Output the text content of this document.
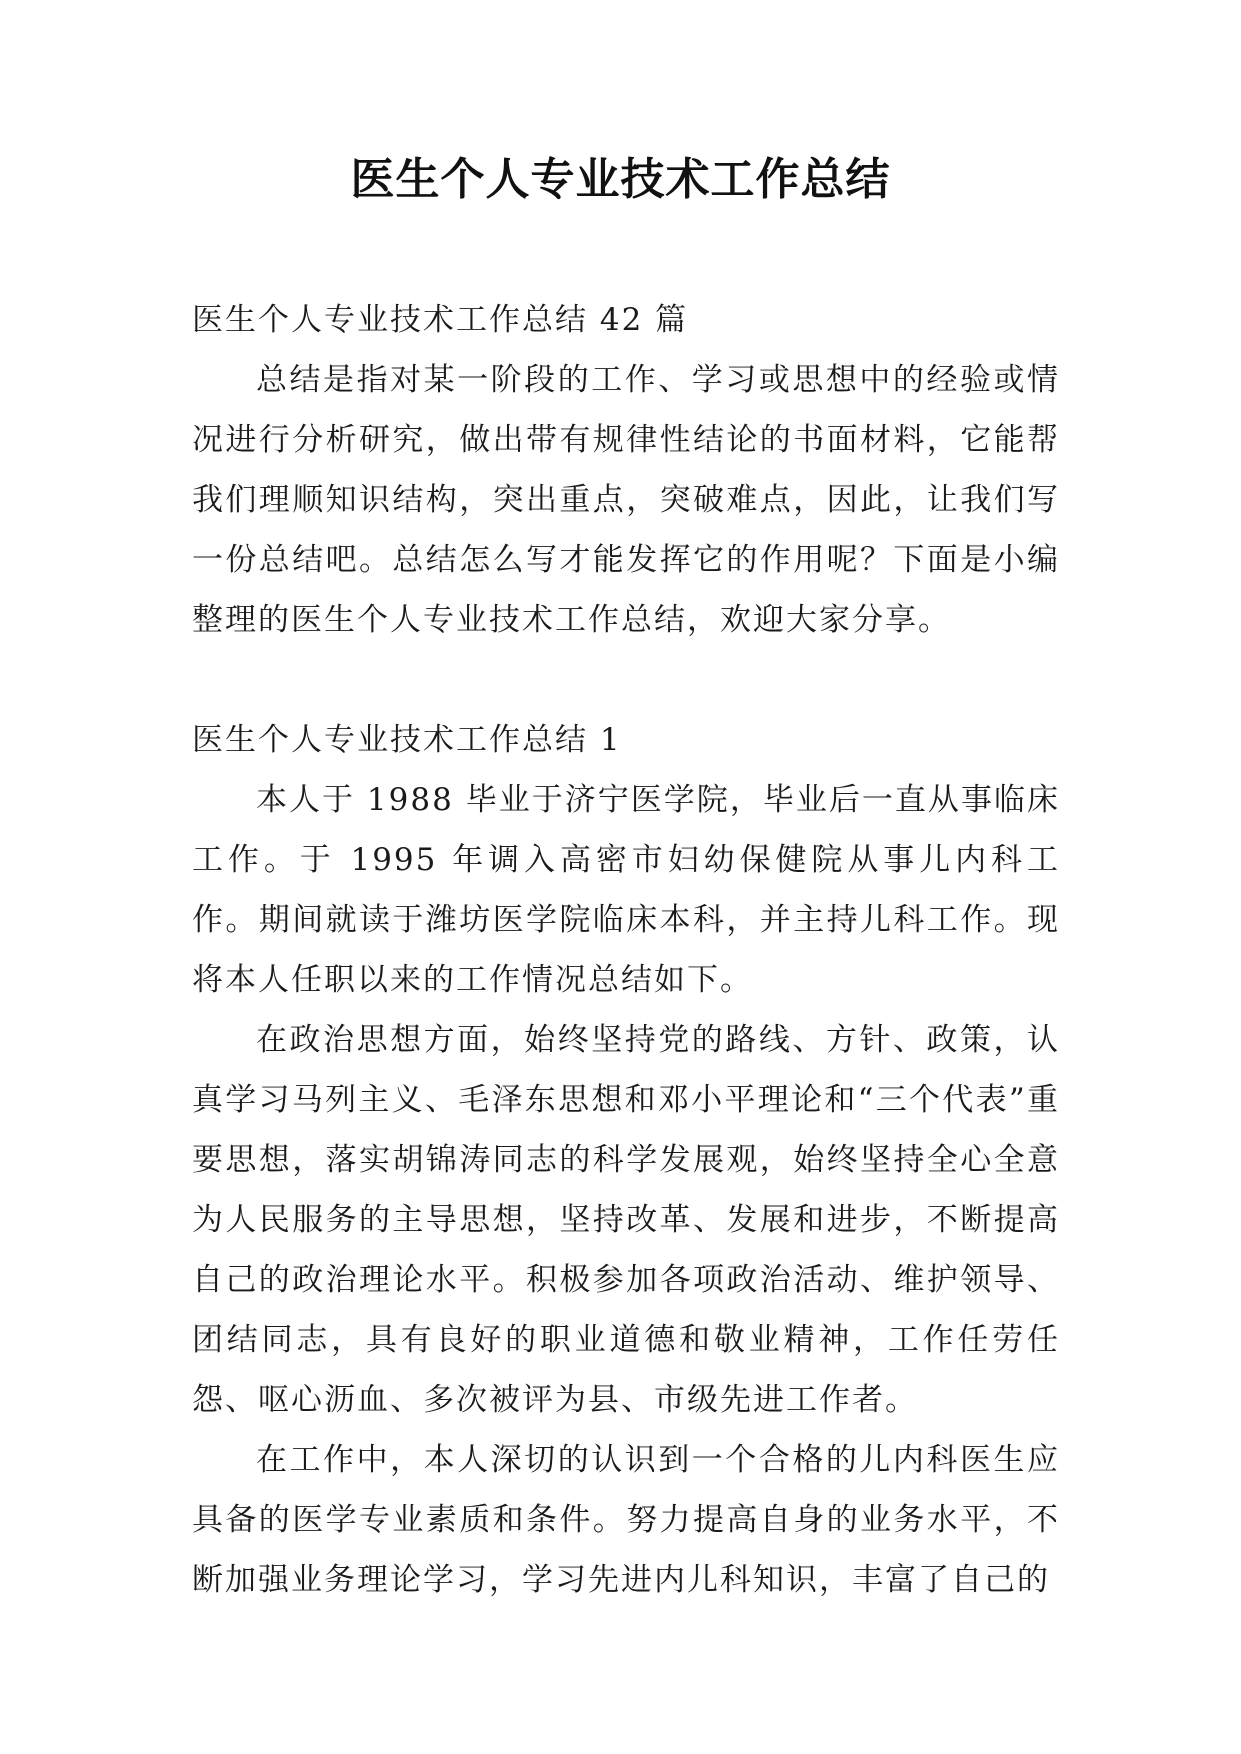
医生个人专业技术工作总结

医生个人专业技术工作总结 42 篇

总结是指对某一阶段的工作、学习或思想中的经验或情况进行分析研究，做出带有规律性结论的书面材料，它能帮我们理顺知识结构，突出重点，突破难点，因此，让我们写一份总结吧。总结怎么写才能发挥它的作用呢？下面是小编整理的医生个人专业技术工作总结，欢迎大家分享。

医生个人专业技术工作总结 1

本人于 1988 毕业于济宁医学院，毕业后一直从事临床工作。于 1995 年调入高密市妇幼保健院从事儿内科工作。期间就读于潍坊医学院临床本科，并主持儿科工作。现将本人任职以来的工作情况总结如下。

在政治思想方面，始终坚持党的路线、方针、政策，认真学习马列主义、毛泽东思想和邓小平理论和“三个代表”重要思想，落实胡锦涛同志的科学发展观，始终坚持全心全意为人民服务的主导思想，坚持改革、发展和进步，不断提高自己的政治理论水平。积极参加各项政治活动、维护领导、团结同志，具有良好的职业道德和敬业精神，工作任劳任怨、呕心沥血、多次被评为县、市级先进工作者。

在工作中，本人深切的认识到一个合格的儿内科医生应具备的医学专业素质和条件。努力提高自身的业务水平，不断加强业务理论学习，学习先进内儿科知识，丰富了自己的
